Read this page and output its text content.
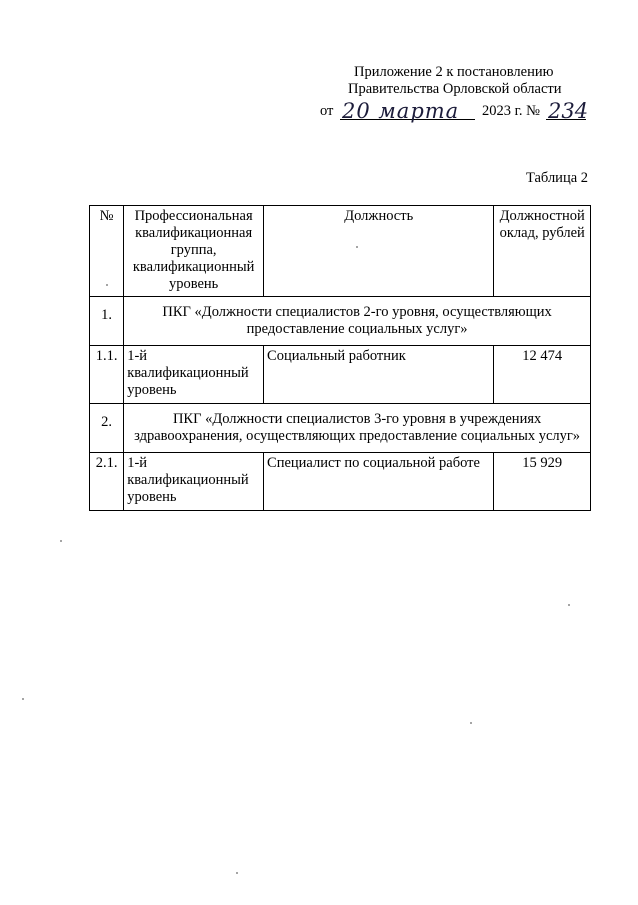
Приложение 2 к постановлению
Правительства Орловской области
от 20 марта 2023 г. № 234
Таблица 2
№	Профессиональная квалификационная группа, квалификационный уровень	Должность	Должностной оклад, рублей
1.	ПКГ «Должности специалистов 2-го уровня, осуществляющих предоставление социальных услуг»		
1.1.	1-й квалификационный уровень	Социальный работник	12 474
2.	ПКГ «Должности специалистов 3-го уровня в учреждениях здравоохранения, осуществляющих предоставление социальных услуг»		
2.1.	1-й квалификационный уровень	Специалист по социальной работе	15 929
